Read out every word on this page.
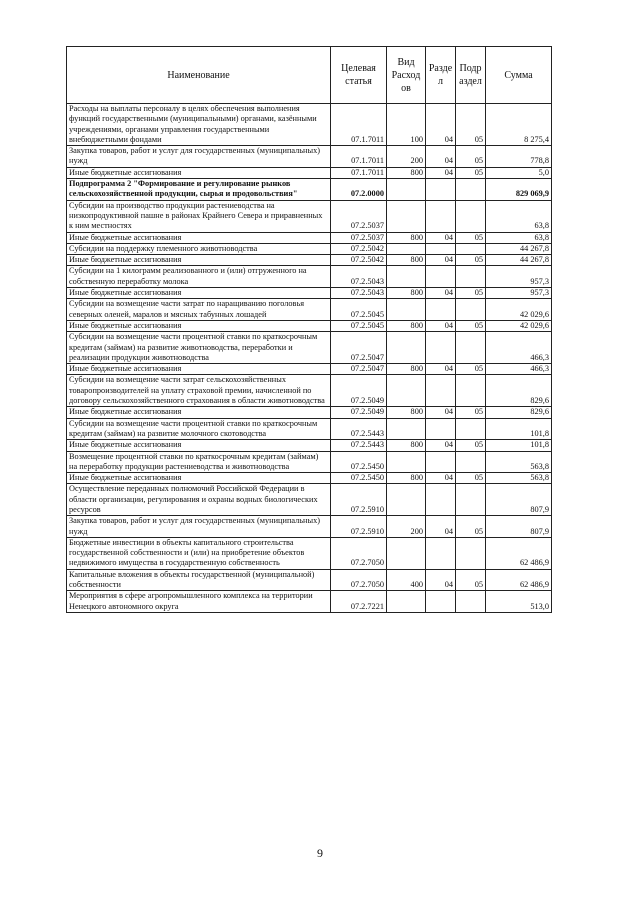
Наименование	Целевая статья	Вид Расход ов	Разде л	Подр аздел	Сумма
Расходы на выплаты персоналу в целях обеспечения выполнения функций государственными (муниципальными) органами, казёнными учреждениями, органами управления государственными внебюджетными фондами	07.1.7011	100	04	05	8 275,4
Закупка товаров, работ и услуг для государственных (муниципальных) нужд	07.1.7011	200	04	05	778,8
Иные бюджетные ассигнования	07.1.7011	800	04	05	5,0
Подпрограмма 2 "Формирование и регулирование рынков сельскохозяйственной продукции, сырья и продовольствия"	07.2.0000				829 069,9
Субсидии на производство продукции растениеводства на низкопродуктивной пашне в районах Крайнего Севера и приравненных к ним местностях	07.2.5037				63,8
Иные бюджетные ассигнования	07.2.5037	800	04	05	63,8
Субсидии на поддержку племенного животноводства	07.2.5042				44 267,8
Иные бюджетные ассигнования	07.2.5042	800	04	05	44 267,8
Субсидии на 1 килограмм реализованного и (или) отгруженного на собственную переработку молока	07.2.5043				957,3
Иные бюджетные ассигнования	07.2.5043	800	04	05	957,3
Субсидии на возмещение части затрат по наращиванию поголовья северных оленей, маралов и мясных табунных лошадей	07.2.5045				42 029,6
Иные бюджетные ассигнования	07.2.5045	800	04	05	42 029,6
Субсидии на возмещение части процентной ставки по краткосрочным кредитам (займам) на развитие животноводства, переработки и реализации продукции животноводства	07.2.5047				466,3
Иные бюджетные ассигнования	07.2.5047	800	04	05	466,3
Субсидии на возмещение части затрат сельскохозяйственных товаропроизводителей на уплату страховой премии, начисленной по договору сельскохозяйственного страхования в области животноводства	07.2.5049				829,6
Иные бюджетные ассигнования	07.2.5049	800	04	05	829,6
Субсидии на возмещение части процентной ставки по краткосрочным кредитам (займам) на развитие молочного скотоводства	07.2.5443				101,8
Иные бюджетные ассигнования	07.2.5443	800	04	05	101,8
Возмещение процентной ставки по краткосрочным кредитам (займам) на переработку продукции растениеводства и животноводства	07.2.5450				563,8
Иные бюджетные ассигнования	07.2.5450	800	04	05	563,8
Осуществление переданных полномочий Российской Федерации в области организации, регулирования и охраны водных биологических ресурсов	07.2.5910				807,9
Закупка товаров, работ и услуг для государственных (муниципальных) нужд	07.2.5910	200	04	05	807,9
Бюджетные инвестиции в объекты капитального строительства государственной собственности и (или) на приобретение объектов недвижимого имущества в государственную собственность	07.2.7050				62 486,9
Капитальные вложения в объекты государственной (муниципальной) собственности	07.2.7050	400	04	05	62 486,9
Мероприятия в сфере агропромышленного комплекса на территории Ненецкого автономного округа	07.2.7221				513,0
9
